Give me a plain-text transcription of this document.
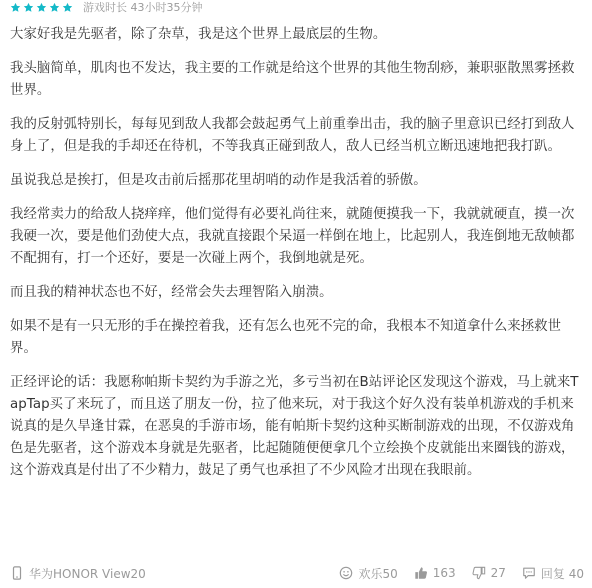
游戏时长 43小时35分钟

大家好我是先驱者，除了杂草，我是这个世界上最底层的生物。

我头脑简单，肌肉也不发达，我主要的工作就是给这个世界的其他生物刮痧，兼职驱散黑雾拯救世界。

我的反射弧特别长，每每见到敌人我都会鼓起勇气上前重拳出击，我的脑子里意识已经打到敌人身上了，但是我的手却还在待机，不等我真正碰到敌人，敌人已经当机立断迅速地把我打趴。

虽说我总是挨打，但是攻击前后摇那花里胡哨的动作是我活着的骄傲。

我经常卖力的给敌人挠痒痒，他们觉得有必要礼尚往来，就随便摸我一下，我就就硬直，摸一次我硬一次，要是他们劲使大点，我就直接跟个呆逼一样倒在地上，比起别人，我连倒地无敌帧都不配拥有，打一个还好，要是一次碰上两个，我倒地就是死。

而且我的精神状态也不好，经常会失去理智陷入崩溃。

如果不是有一只无形的手在操控着我，还有怎么也死不完的命，我根本不知道拿什么来拯救世界。

正经评论的话：我愿称帕斯卡契约为手游之光，多亏当初在B站评论区发现这个游戏，马上就来TapTap买了来玩了，而且送了朋友一份，拉了他来玩，对于我这个好久没有装单机游戏的手机来说真的是久旱逢甘霖，在恶臭的手游市场，能有帕斯卡契约这种买断制游戏的出现，不仅游戏角色是先驱者，这个游戏本身就是先驱者，比起随随便便拿几个立绘换个皮就能出来圈钱的游戏，这个游戏真是付出了不少精力，鼓足了勇气也承担了不少风险才出现在我眼前。

华为HONOR View20	欢乐50	163	27	回复 40
